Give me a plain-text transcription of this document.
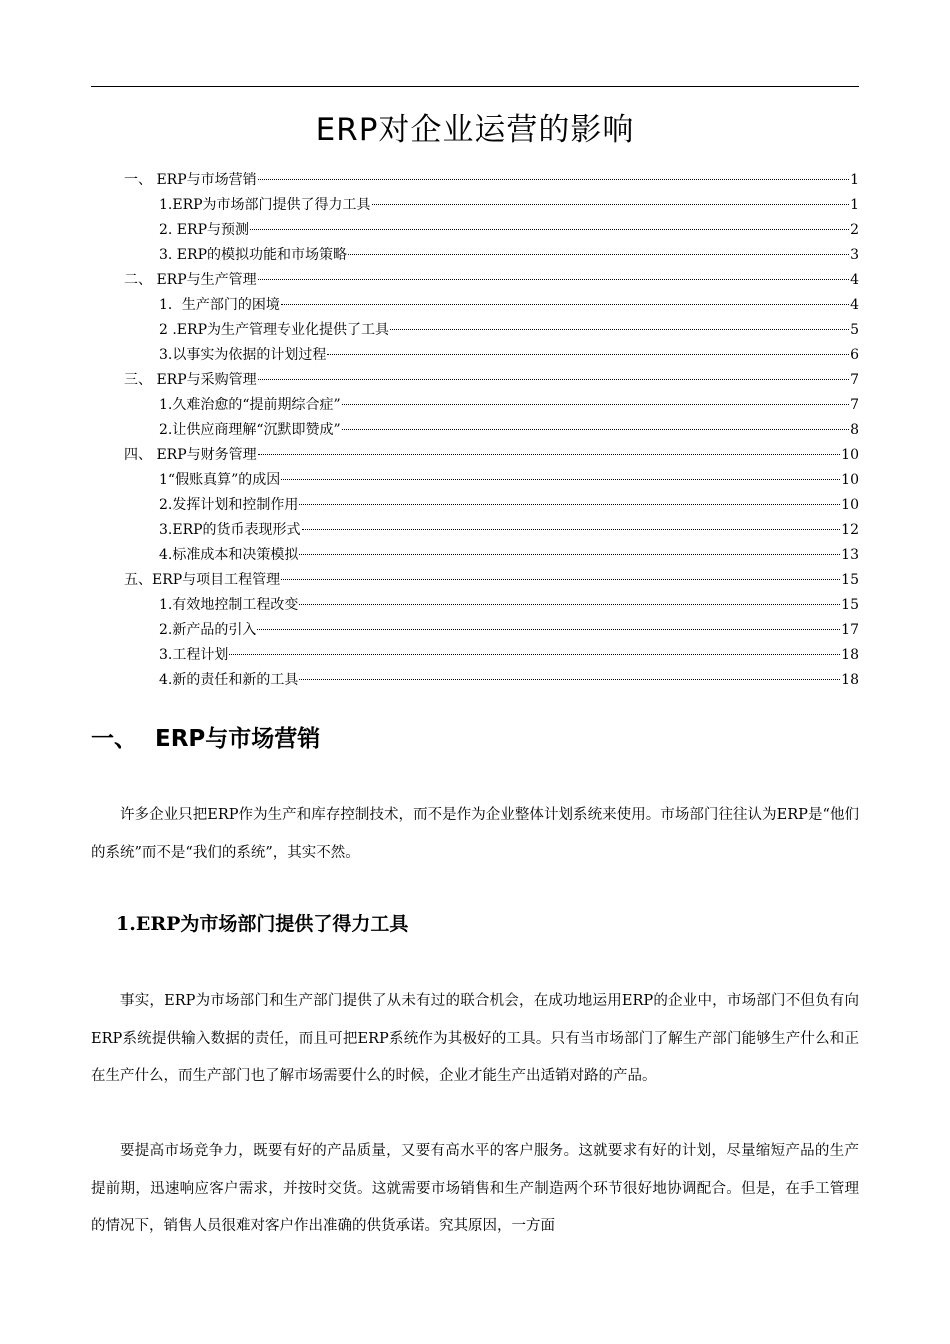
ERP对企业运营的影响
一、 ERP与市场营销	1
1.ERP为市场部门提供了得力工具	1
2. ERP与预测	2
3. ERP的模拟功能和市场策略	3
二、 ERP与生产管理	4
1．生产部门的困境	4
2 .ERP为生产管理专业化提供了工具	5
3.以事实为依据的计划过程	6
三、 ERP与采购管理	7
1.久难治愈的“提前期综合症”	7
2.让供应商理解“沉默即赞成”	8
四、 ERP与财务管理	10
1“假账真算”的成因	10
2.发挥计划和控制作用	10
3.ERP的货币表现形式	12
4.标准成本和决策模拟	13
五、ERP与项目工程管理	15
1.有效地控制工程改变	15
2.新产品的引入	17
3.工程计划	18
4.新的责任和新的工具	18
一、 ERP与市场营销
许多企业只把ERP作为生产和库存控制技术，而不是作为企业整体计划系统来使用。市场部门往往认为ERP是“他们的系统”而不是“我们的系统”，其实不然。
1.ERP为市场部门提供了得力工具
事实，ERP为市场部门和生产部门提供了从未有过的联合机会，在成功地运用ERP的企业中，市场部门不但负有向ERP系统提供输入数据的责任，而且可把ERP系统作为其极好的工具。只有当市场部门了解生产部门能够生产什么和正在生产什么，而生产部门也了解市场需要什么的时候，企业才能生产出适销对路的产品。
要提高市场竞争力，既要有好的产品质量，又要有高水平的客户服务。这就要求有好的计划，尽量缩短产品的生产提前期，迅速响应客户需求，并按时交货。这就需要市场销售和生产制造两个环节很好地协调配合。但是，在手工管理的情况下，销售人员很难对客户作出准确的供货承诺。究其原因，一方面
